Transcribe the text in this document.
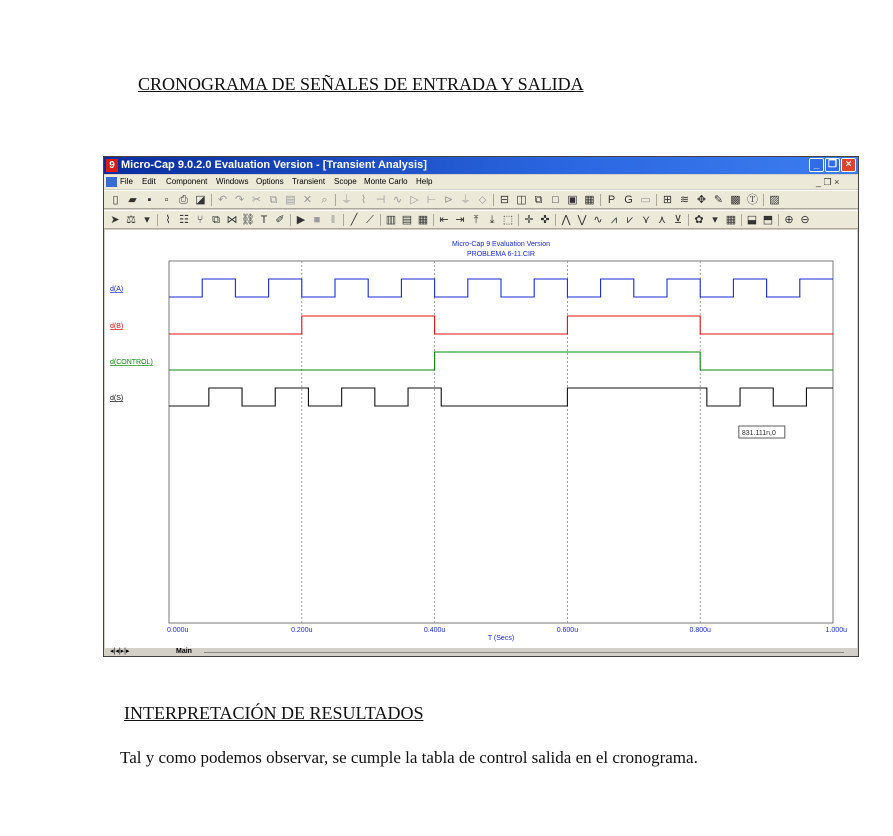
CRONOGRAMA DE SEÑALES DE ENTRADA Y SALIDA
9 Micro-Cap 9.0.2.0 Evaluation Version - [Transient Analysis]	_ ❐ ×
File Edit Component Windows Options Transient Scope Monte Carlo Help	_ ❐ ×
▯ ▰ ▪	▫ ⎙ ◪ ↶ ↷ ✂ ⧉ ▤ ✕ ⌕	⏚ ⌇ ⊣ ∿ ▷ ⊢ ⊳ ⏚ ⬦	⊟ ◫ ⧉ □ ▣ ▦	P G ▭ ⊞ ≋ ✥ ✎ ▩ Ⓣ ▨
➤ ⚖ ▾	⌇ ☷ ⑂ ⧉ ⋈ ⛓ T ✐ ▶ ■ ‖	╱ ⟋ ▥ ▤ ▦ ⇤ ⇥ ⤒	⤓ ⬚ ✛ ✜ ⋀ ⋁ ∿ ⩘ ⩗ ⋎ ⋏ ⊻ ✿ ▾ ▦ ⬓ ⬒ ⊕ ⊖
Micro-Cap 9 Evaluation Version
PROBLEMA 6-11.CIR
0.000u	0.200u	0.400u	0.600u	0.800u	1.000u
T (Secs)
d(A)
d(B)
d(CONTROL)
d(S)
831.111n,0
◂|◂|▸|▸	Main
INTERPRETACIÓN DE RESULTADOS
Tal y como podemos observar, se cumple la tabla de control salida en el cronograma.
